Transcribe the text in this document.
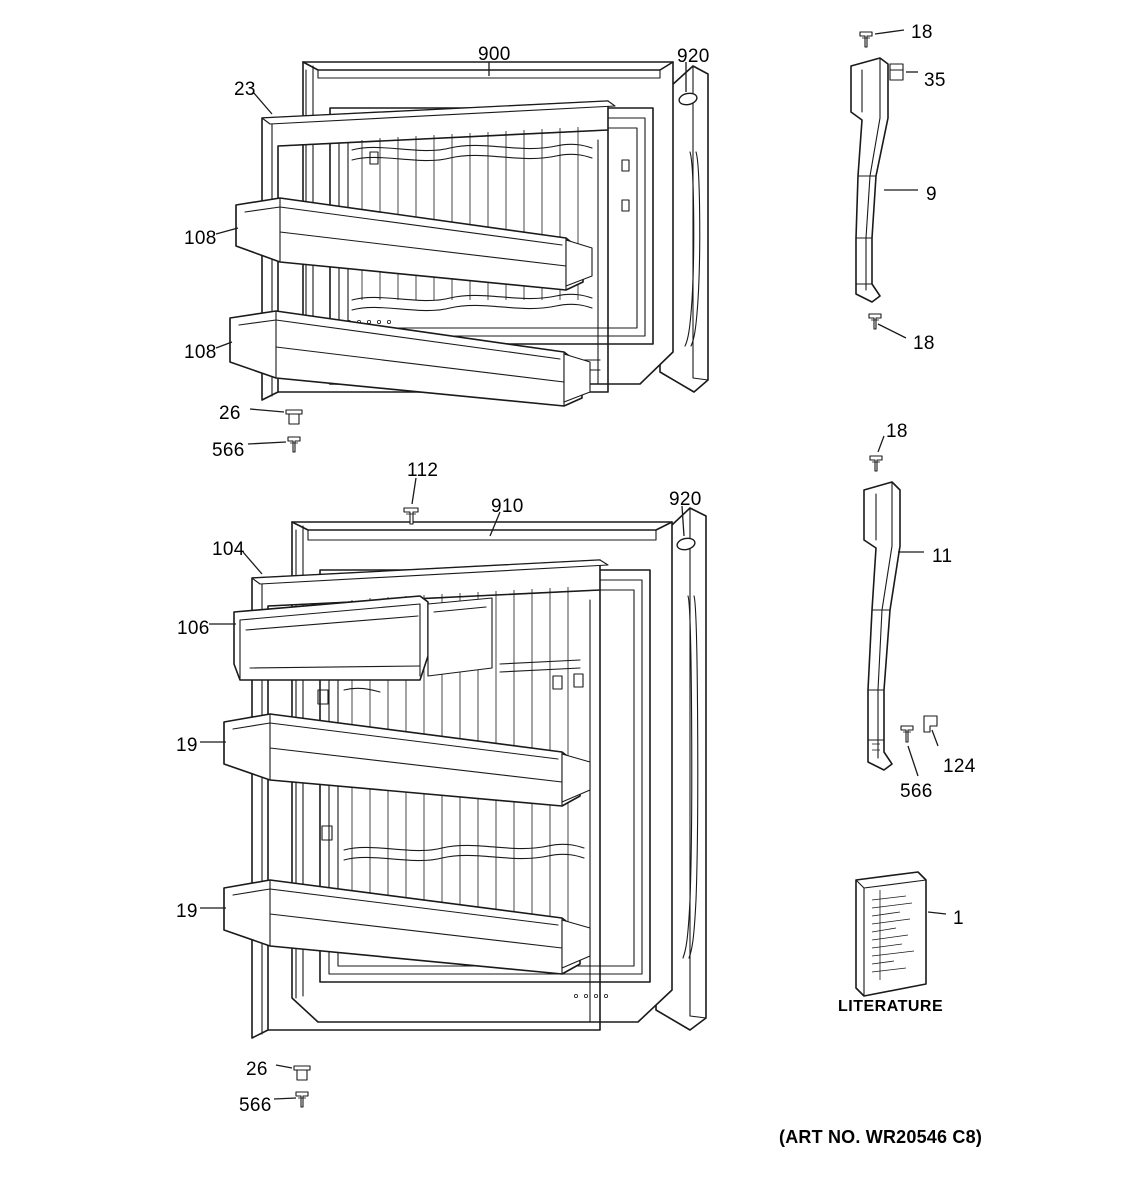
900	920
23
18
35
9
18
108
108
26
566
112
910	920
104
106
18
11
124
566
19
19	1
26
566
LITERATURE
(ART NO. WR20546 C8)
